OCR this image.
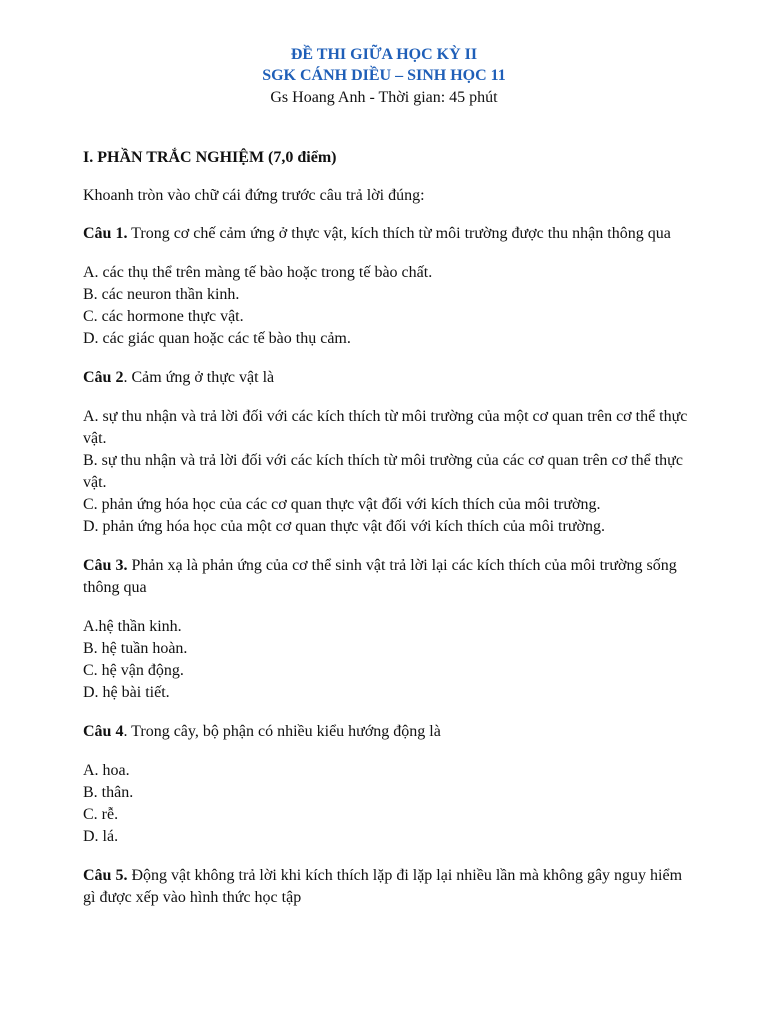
ĐỀ THI GIỮA HỌC KỲ II
SGK CÁNH DIỀU – SINH HỌC 11
Gs Hoang Anh - Thời gian: 45 phút
I. PHẦN TRẮC NGHIỆM (7,0 điểm)
Khoanh tròn vào chữ cái đứng trước câu trả lời đúng:
Câu 1. Trong cơ chế cảm ứng ở thực vật, kích thích từ môi trường được thu nhận thông qua
A. các thụ thể trên màng tế bào hoặc trong tế bào chất.
B. các neuron thần kinh.
C. các hormone thực vật.
D. các giác quan hoặc các tế bào thụ cảm.
Câu 2. Cảm ứng ở thực vật là
A. sự thu nhận và trả lời đối với các kích thích từ môi trường của một cơ quan trên cơ thể thực vật.
B. sự thu nhận và trả lời đối với các kích thích từ môi trường của các cơ quan trên cơ thể thực vật.
C. phản ứng hóa học của các cơ quan thực vật đối với kích thích của môi trường.
D. phản ứng hóa học của một cơ quan thực vật đối với kích thích của môi trường.
Câu 3. Phản xạ là phản ứng của cơ thể sinh vật trả lời lại các kích thích của môi trường sống thông qua
A.hệ thần kinh.
B. hệ tuần hoàn.
C. hệ vận động.
D. hệ bài tiết.
Câu 4. Trong cây, bộ phận có nhiều kiểu hướng động là
A. hoa.
B. thân.
C. rễ.
D. lá.
Câu 5. Động vật không trả lời khi kích thích lặp đi lặp lại nhiều lần mà không gây nguy hiểm gì được xếp vào hình thức học tập
